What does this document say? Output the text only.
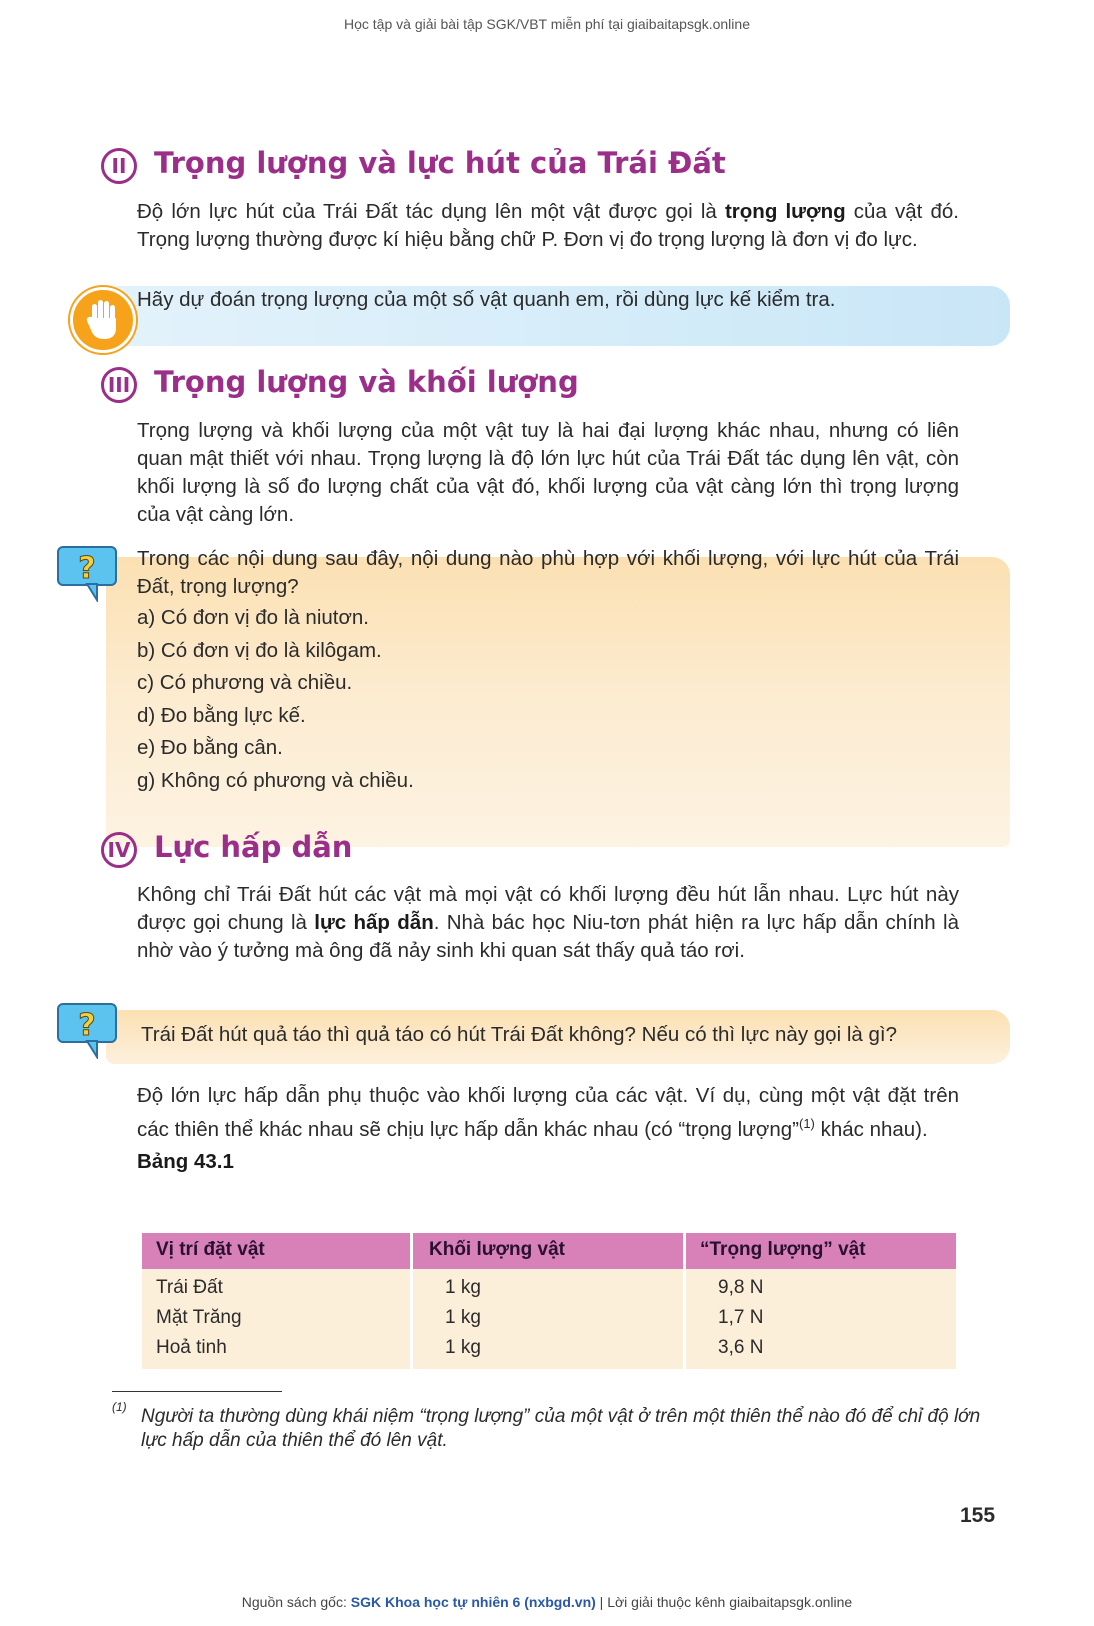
Học tập và giải bài tập SGK/VBT miễn phí tại giaibaitapsgk.online
II Trọng lượng và lực hút của Trái Đất
Độ lớn lực hút của Trái Đất tác dụng lên một vật được gọi là trọng lượng của vật đó. Trọng lượng thường được kí hiệu bằng chữ P. Đơn vị đo trọng lượng là đơn vị đo lực.
Hãy dự đoán trọng lượng của một số vật quanh em, rồi dùng lực kế kiểm tra.
III Trọng lượng và khối lượng
Trọng lượng và khối lượng của một vật tuy là hai đại lượng khác nhau, nhưng có liên quan mật thiết với nhau. Trọng lượng là độ lớn lực hút của Trái Đất tác dụng lên vật, còn khối lượng là số đo lượng chất của vật đó, khối lượng của vật càng lớn thì trọng lượng của vật càng lớn.
? Trong các nội dung sau đây, nội dung nào phù hợp với khối lượng, với lực hút của Trái Đất, trọng lượng?
a) Có đơn vị đo là niutơn.
b) Có đơn vị đo là kilôgam.
c) Có phương và chiều.
d) Đo bằng lực kế.
e) Đo bằng cân.
g) Không có phương và chiều.
IV Lực hấp dẫn
Không chỉ Trái Đất hút các vật mà mọi vật có khối lượng đều hút lẫn nhau. Lực hút này được gọi chung là lực hấp dẫn. Nhà bác học Niu-tơn phát hiện ra lực hấp dẫn chính là nhờ vào ý tưởng mà ông đã nảy sinh khi quan sát thấy quả táo rơi.
? Trái Đất hút quả táo thì quả táo có hút Trái Đất không? Nếu có thì lực này gọi là gì?
Độ lớn lực hấp dẫn phụ thuộc vào khối lượng của các vật. Ví dụ, cùng một vật đặt trên các thiên thể khác nhau sẽ chịu lực hấp dẫn khác nhau (có “trọng lượng”$^{(1)}$ khác nhau).
Bảng 43.1
Vị trí đặt vật	Khối lượng vật	“Trọng lượng” vật
Trái Đất
Mặt Trăng
Hoả tinh
1 kg
1 kg
1 kg
9,8 N
1,7 N
3,6 N
(1) Người ta thường dùng khái niệm “trọng lượng” của một vật ở trên một thiên thể nào đó để chỉ độ lớn lực hấp dẫn của thiên thể đó lên vật.
155
Nguồn sách gốc: SGK Khoa học tự nhiên 6 (nxbgd.vn) | Lời giải thuộc kênh giaibaitapsgk.online
